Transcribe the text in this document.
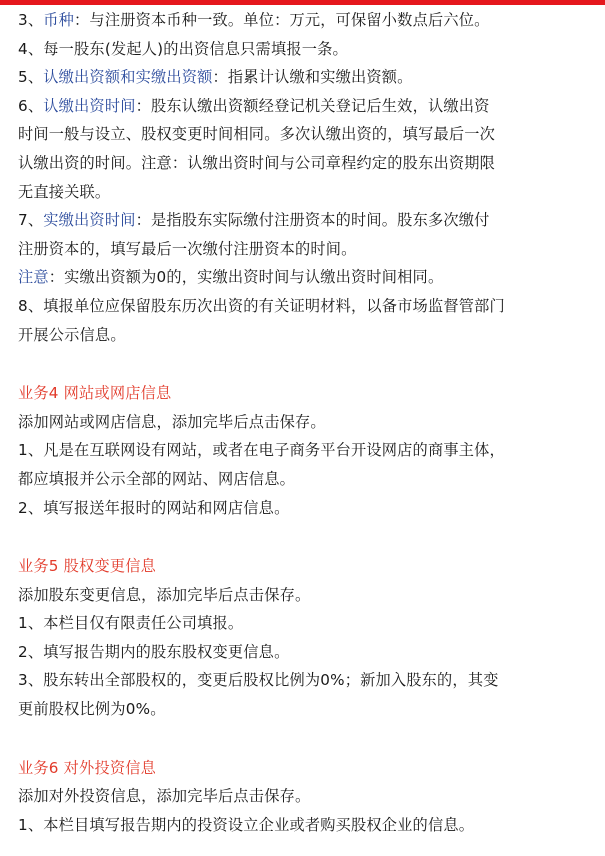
3、币种：与注册资本币种一致。单位：万元，可保留小数点后六位。
4、每一股东(发起人)的出资信息只需填报一条。
5、认缴出资额和实缴出资额：指累计认缴和实缴出资额。
6、认缴出资时间：股东认缴出资额经登记机关登记后生效，认缴出资
时间一般与设立、股权变更时间相同。多次认缴出资的，填写最后一次
认缴出资的时间。注意：认缴出资时间与公司章程约定的股东出资期限
无直接关联。
7、实缴出资时间：是指股东实际缴付注册资本的时间。股东多次缴付
注册资本的，填写最后一次缴付注册资本的时间。
注意：实缴出资额为0的，实缴出资时间与认缴出资时间相同。
8、填报单位应保留股东历次出资的有关证明材料，以备市场监督管部门
开展公示信息。
业务4 网站或网店信息
添加网站或网店信息，添加完毕后点击保存。
1、凡是在互联网设有网站，或者在电子商务平台开设网店的商事主体，
都应填报并公示全部的网站、网店信息。
2、填写报送年报时的网站和网店信息。
业务5 股权变更信息
添加股东变更信息，添加完毕后点击保存。
1、本栏目仅有限责任公司填报。
2、填写报告期内的股东股权变更信息。
3、股东转出全部股权的，变更后股权比例为0%；新加入股东的，其变
更前股权比例为0%。
业务6 对外投资信息
添加对外投资信息，添加完毕后点击保存。
1、本栏目填写报告期内的投资设立企业或者购买股权企业的信息。
